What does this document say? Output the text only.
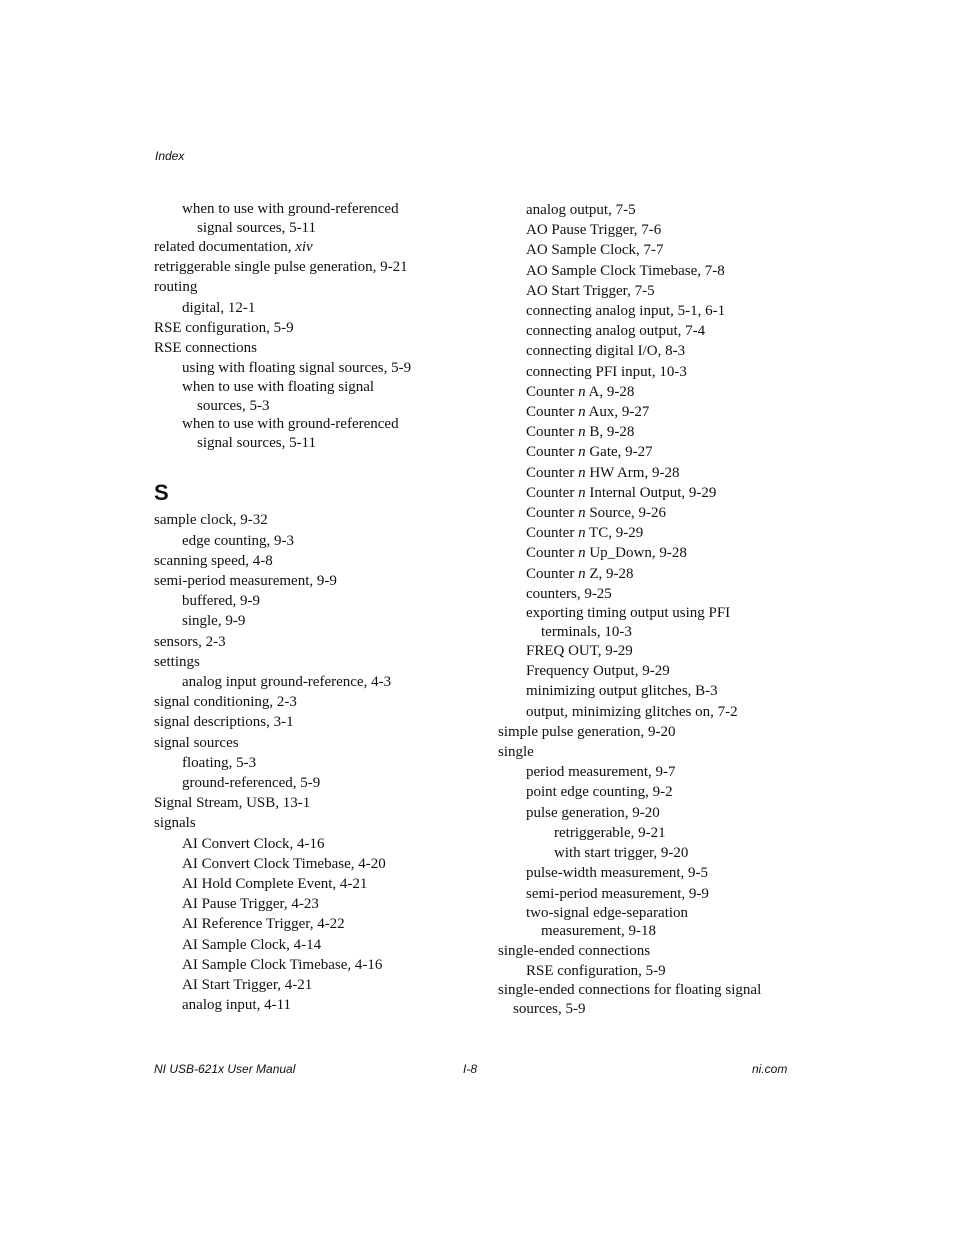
Index
when to use with ground-referenced
signal sources, 5-11
related documentation, xiv
retriggerable single pulse generation, 9-21
routing
digital, 12-1
RSE configuration, 5-9
RSE connections
using with floating signal sources, 5-9
when to use with floating signal
sources, 5-3
when to use with ground-referenced
signal sources, 5-11
S
sample clock, 9-32
edge counting, 9-3
scanning speed, 4-8
semi-period measurement, 9-9
buffered, 9-9
single, 9-9
sensors, 2-3
settings
analog input ground-reference, 4-3
signal conditioning, 2-3
signal descriptions, 3-1
signal sources
floating, 5-3
ground-referenced, 5-9
Signal Stream, USB, 13-1
signals
AI Convert Clock, 4-16
AI Convert Clock Timebase, 4-20
AI Hold Complete Event, 4-21
AI Pause Trigger, 4-23
AI Reference Trigger, 4-22
AI Sample Clock, 4-14
AI Sample Clock Timebase, 4-16
AI Start Trigger, 4-21
analog input, 4-11
analog output, 7-5
AO Pause Trigger, 7-6
AO Sample Clock, 7-7
AO Sample Clock Timebase, 7-8
AO Start Trigger, 7-5
connecting analog input, 5-1, 6-1
connecting analog output, 7-4
connecting digital I/O, 8-3
connecting PFI input, 10-3
Counter n A, 9-28
Counter n Aux, 9-27
Counter n B, 9-28
Counter n Gate, 9-27
Counter n HW Arm, 9-28
Counter n Internal Output, 9-29
Counter n Source, 9-26
Counter n TC, 9-29
Counter n Up_Down, 9-28
Counter n Z, 9-28
counters, 9-25
exporting timing output using PFI
terminals, 10-3
FREQ OUT, 9-29
Frequency Output, 9-29
minimizing output glitches, B-3
output, minimizing glitches on, 7-2
simple pulse generation, 9-20
single
period measurement, 9-7
point edge counting, 9-2
pulse generation, 9-20
retriggerable, 9-21
with start trigger, 9-20
pulse-width measurement, 9-5
semi-period measurement, 9-9
two-signal edge-separation
measurement, 9-18
single-ended connections
RSE configuration, 5-9
single-ended connections for floating signal
sources, 5-9
NI USB-621x User Manual	I-8	ni.com
